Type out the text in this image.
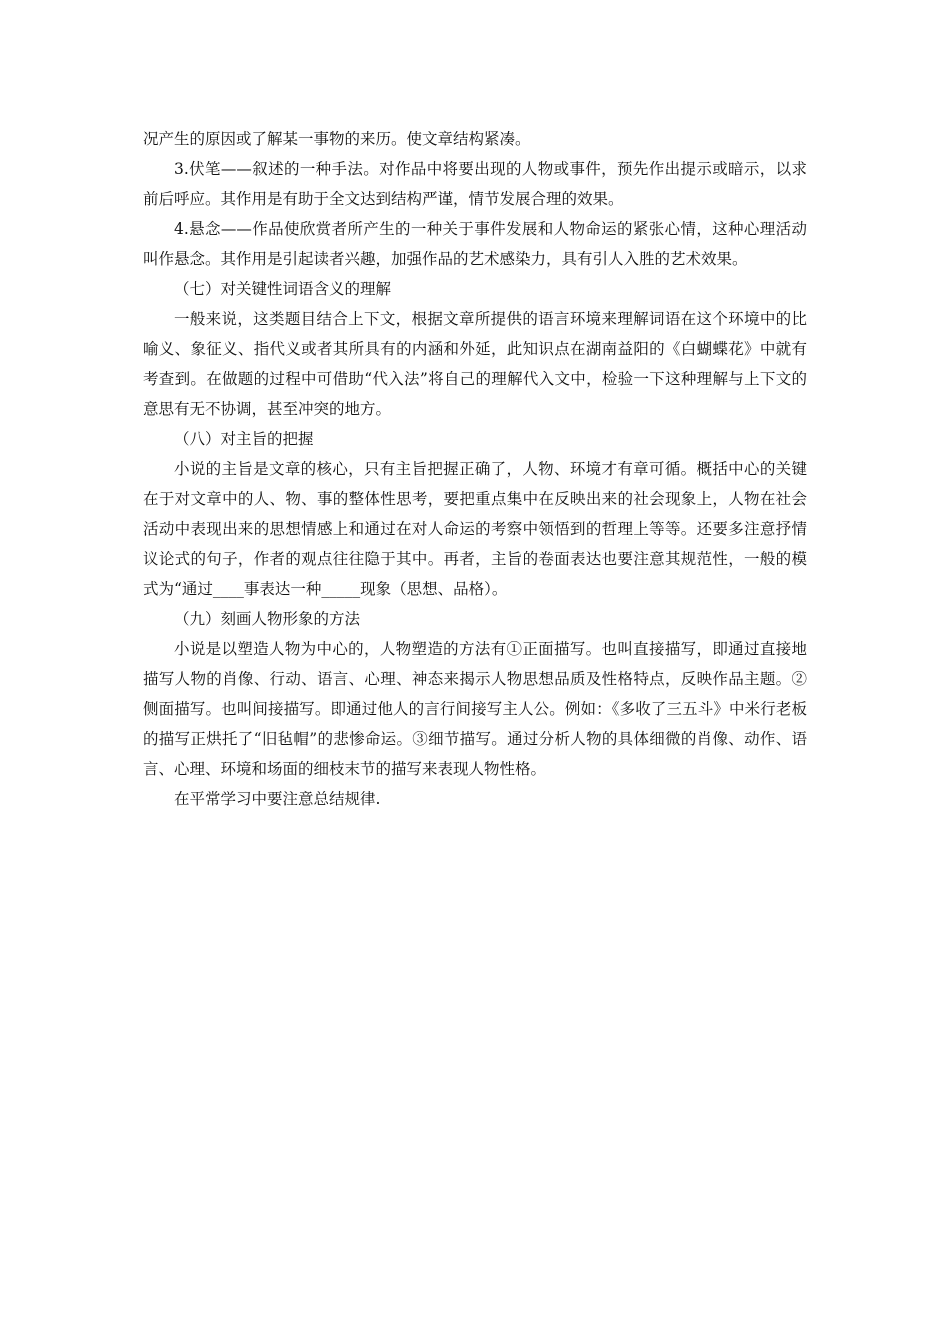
况产生的原因或了解某一事物的来历。使文章结构紧凑。

3.伏笔——叙述的一种手法。对作品中将要出现的人物或事件，预先作出提示或暗示，以求前后呼应。其作用是有助于全文达到结构严谨，情节发展合理的效果。

4.悬念——作品使欣赏者所产生的一种关于事件发展和人物命运的紧张心情，这种心理活动叫作悬念。其作用是引起读者兴趣，加强作品的艺术感染力，具有引人入胜的艺术效果。

（七）对关键性词语含义的理解

一般来说，这类题目结合上下文，根据文章所提供的语言环境来理解词语在这个环境中的比喻义、象征义、指代义或者其所具有的内涵和外延，此知识点在湖南益阳的《白蝴蝶花》中就有考查到。在做题的过程中可借助“代入法”将自己的理解代入文中，检验一下这种理解与上下文的意思有无不协调，甚至冲突的地方。

（八）对主旨的把握

小说的主旨是文章的核心，只有主旨把握正确了，人物、环境才有章可循。概括中心的关键在于对文章中的人、物、事的整体性思考，要把重点集中在反映出来的社会现象上，人物在社会活动中表现出来的思想情感上和通过在对人命运的考察中领悟到的哲理上等等。还要多注意抒情议论式的句子，作者的观点往往隐于其中。再者，主旨的卷面表达也要注意其规范性，一般的模式为“通过____事表达一种_____现象（思想、品格）。

（九）刻画人物形象的方法

小说是以塑造人物为中心的，人物塑造的方法有①正面描写。也叫直接描写，即通过直接地描写人物的肖像、行动、语言、心理、神态来揭示人物思想品质及性格特点，反映作品主题。②侧面描写。也叫间接描写。即通过他人的言行间接写主人公。例如：《多收了三五斗》中米行老板的描写正烘托了“旧毡帽”的悲惨命运。③细节描写。通过分析人物的具体细微的肖像、动作、语言、心理、环境和场面的细枝末节的描写来表现人物性格。

在平常学习中要注意总结规律.
